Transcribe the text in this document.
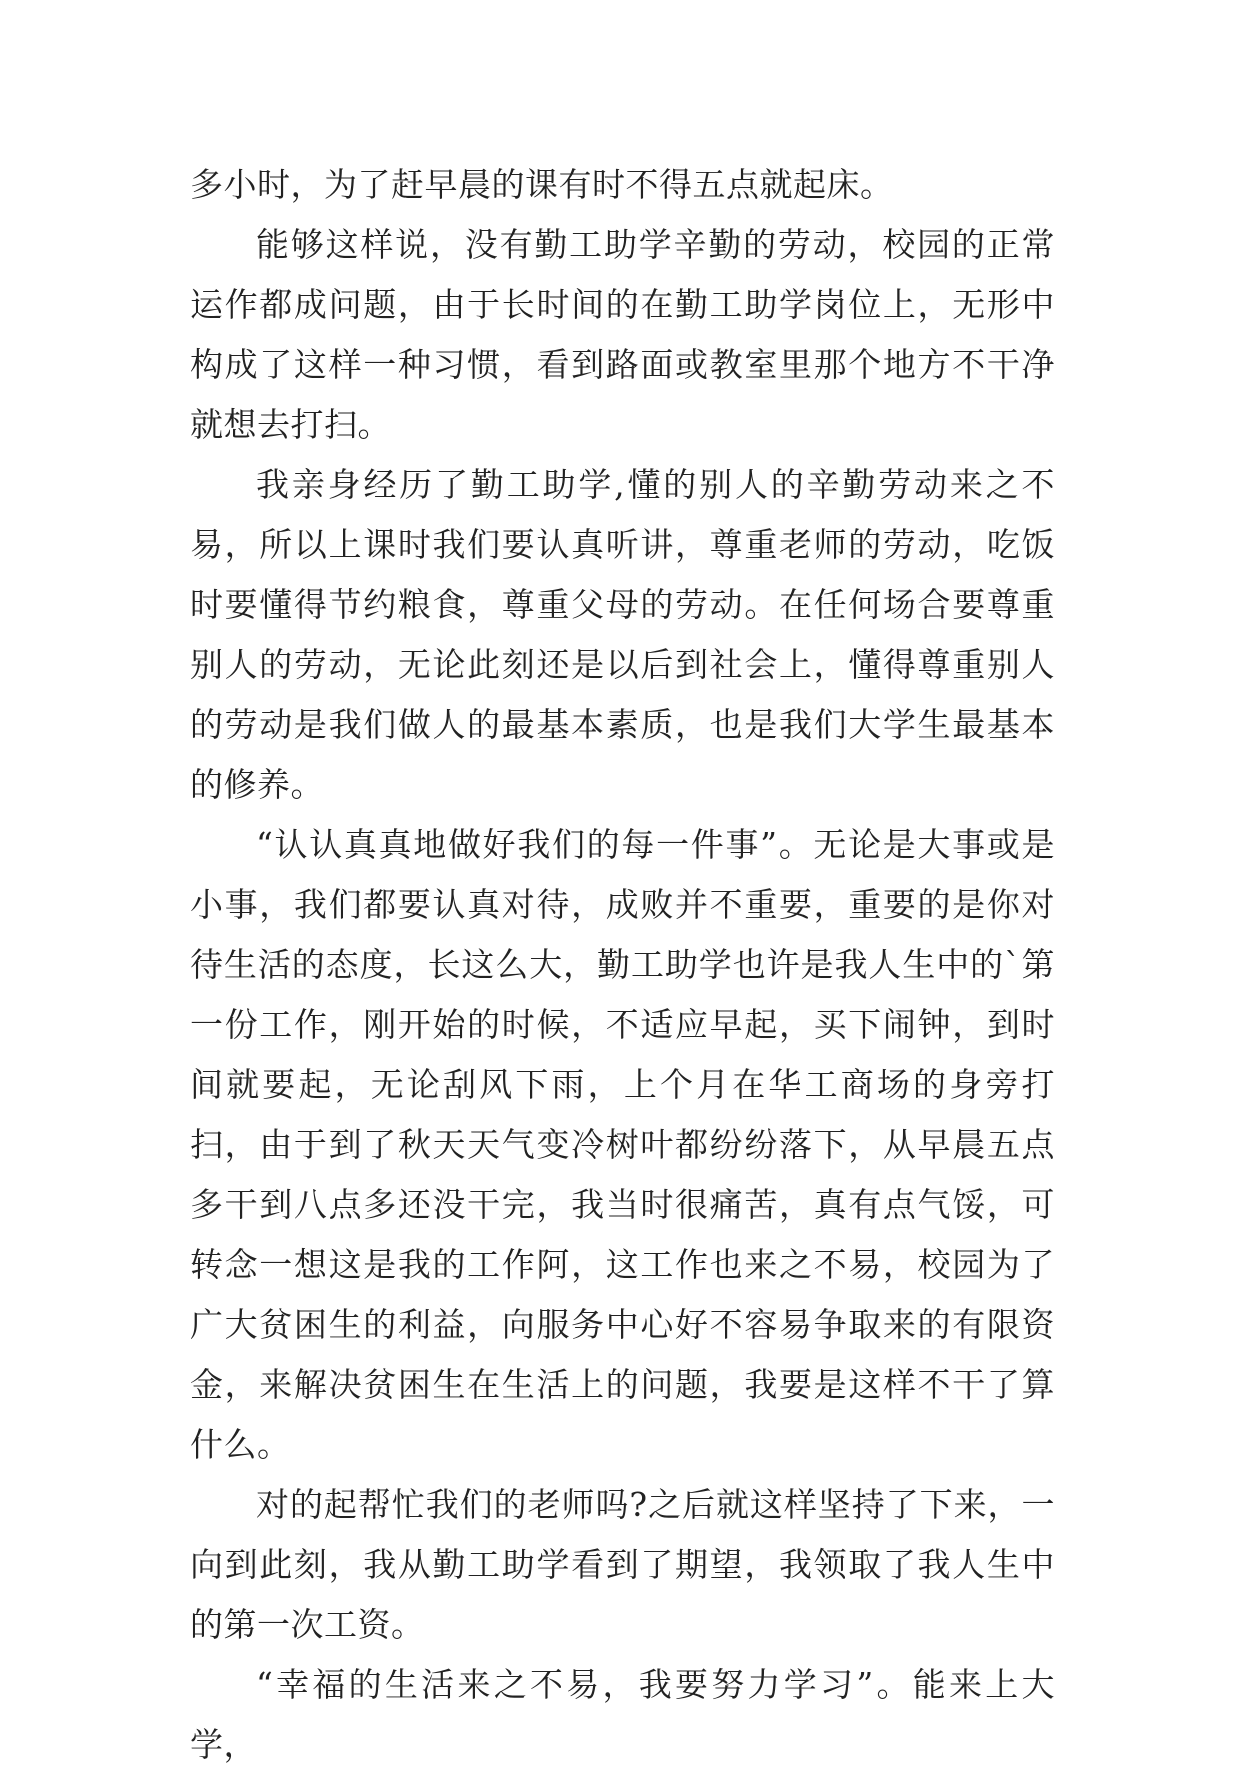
多小时，为了赶早晨的课有时不得五点就起床。

能够这样说，没有勤工助学辛勤的劳动，校园的正常运作都成问题，由于长时间的在勤工助学岗位上，无形中构成了这样一种习惯，看到路面或教室里那个地方不干净就想去打扫。

我亲身经历了勤工助学,懂的别人的辛勤劳动来之不易，所以上课时我们要认真听讲，尊重老师的劳动，吃饭时要懂得节约粮食，尊重父母的劳动。在任何场合要尊重别人的劳动，无论此刻还是以后到社会上，懂得尊重别人的劳动是我们做人的最基本素质，也是我们大学生最基本的修养。

“认认真真地做好我们的每一件事”。无论是大事或是小事，我们都要认真对待，成败并不重要，重要的是你对待生活的态度，长这么大，勤工助学也许是我人生中的`第一份工作，刚开始的时候，不适应早起，买下闹钟，到时间就要起，无论刮风下雨，上个月在华工商场的身旁打扫，由于到了秋天天气变冷树叶都纷纷落下，从早晨五点多干到八点多还没干完，我当时很痛苦，真有点气馁，可转念一想这是我的工作阿，这工作也来之不易，校园为了广大贫困生的利益，向服务中心好不容易争取来的有限资金，来解决贫困生在生活上的问题，我要是这样不干了算什么。

对的起帮忙我们的老师吗?之后就这样坚持了下来，一向到此刻，我从勤工助学看到了期望，我领取了我人生中的第一次工资。

“幸福的生活来之不易，我要努力学习”。能来上大学，
